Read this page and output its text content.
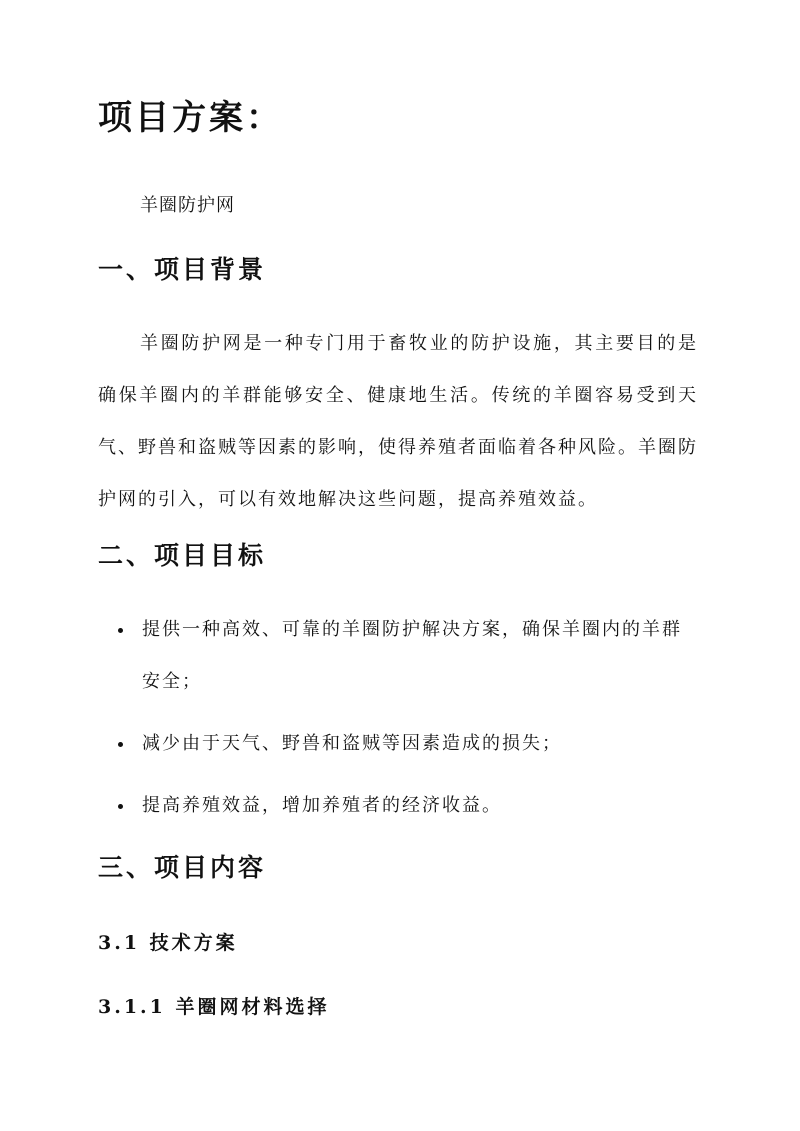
项目方案：

羊圈防护网

一、项目背景

羊圈防护网是一种专门用于畜牧业的防护设施，其主要目的是确保羊圈内的羊群能够安全、健康地生活。传统的羊圈容易受到天气、野兽和盗贼等因素的影响，使得养殖者面临着各种风险。羊圈防护网的引入，可以有效地解决这些问题，提高养殖效益。

二、项目目标
提供一种高效、可靠的羊圈防护解决方案，确保羊圈内的羊群安全；
减少由于天气、野兽和盗贼等因素造成的损失；
提高养殖效益，增加养殖者的经济收益。
三、项目内容
3.1 技术方案
3.1.1 羊圈网材料选择
